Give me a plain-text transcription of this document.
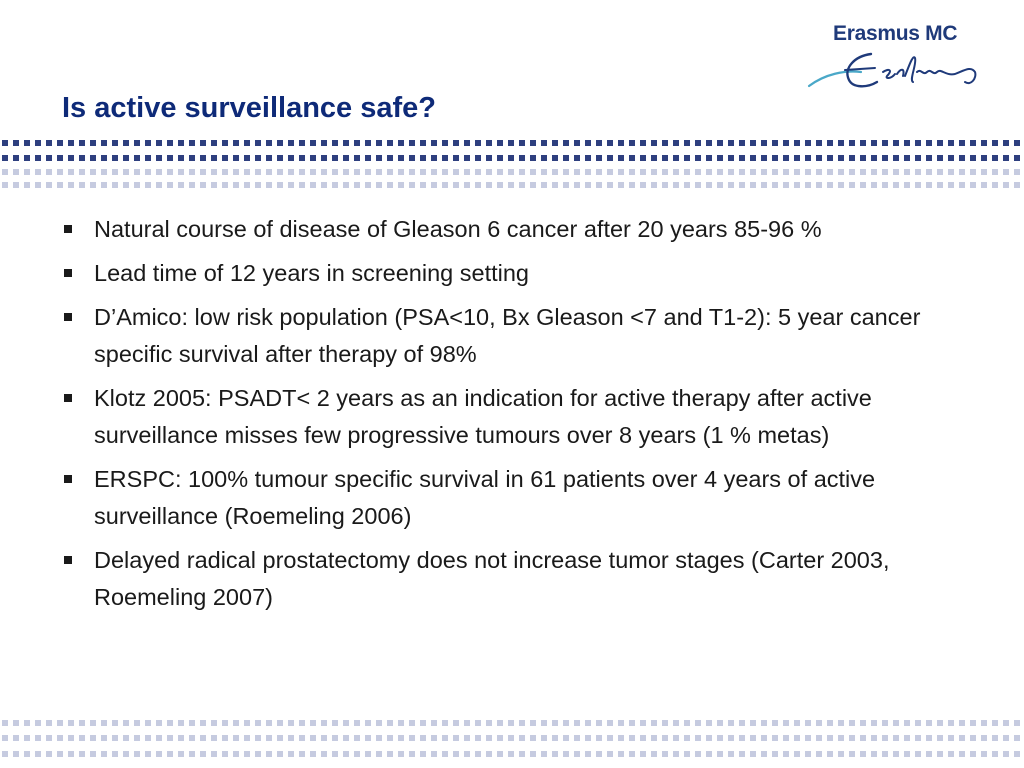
Erasmus MC
Is active surveillance safe?
Natural course of disease of Gleason 6 cancer after 20 years 85-96 %
Lead time of 12 years in screening setting
D’Amico: low risk population (PSA<10, Bx Gleason <7 and T1-2): 5 year cancer specific survival after therapy of 98%
Klotz 2005: PSADT< 2 years as an indication for active therapy after active surveillance misses few progressive tumours over 8 years (1 % metas)
ERSPC: 100% tumour specific survival in 61 patients over 4 years of active surveillance (Roemeling 2006)
Delayed radical prostatectomy does not increase tumor stages (Carter 2003, Roemeling 2007)
